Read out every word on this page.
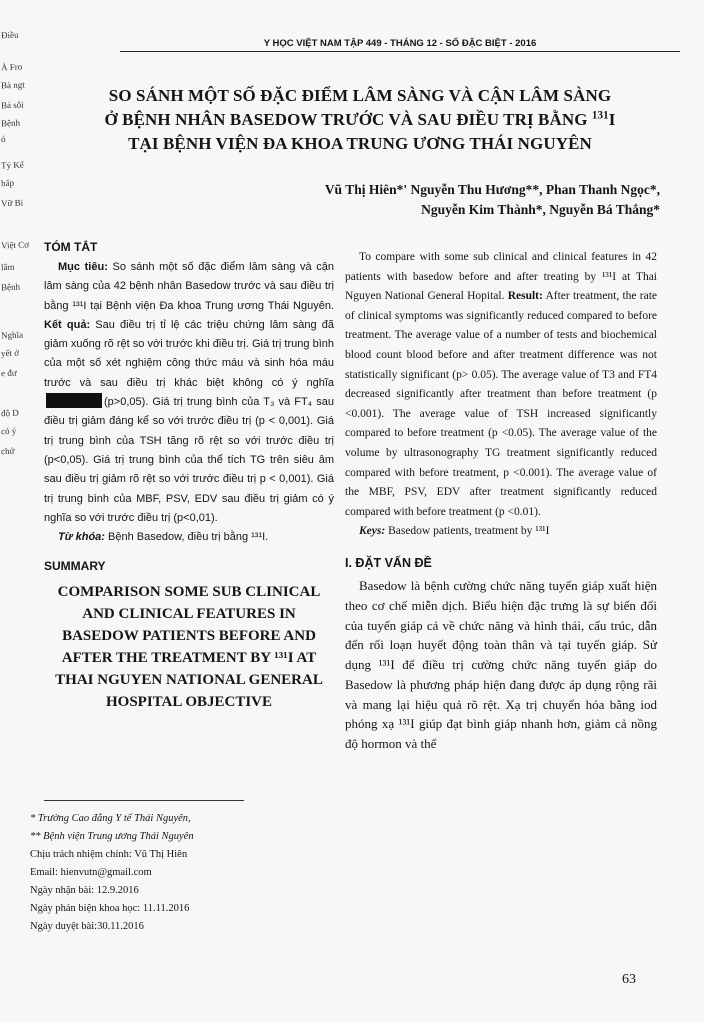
Điều
Ả Fro
Bà ngt
Bá sôi
Bệnh
ó
Tỷ Kế
hấp
Vữ Bi
Việt Cơ
lâm
Bệnh
Nghĩa
yết ở
e đư
độ D
có ý
chứ
Y HỌC VIỆT NAM TẬP 449 - THÁNG 12 - SỐ ĐẶC BIỆT - 2016
SO SÁNH MỘT SỐ ĐẶC ĐIỂM LÂM SÀNG VÀ CẬN LÂM SÀNG
Ở BỆNH NHÂN BASEDOW TRƯỚC VÀ SAU ĐIỀU TRỊ BẰNG $^{131}$I
TẠI BỆNH VIỆN ĐA KHOA TRUNG ƯƠNG THÁI NGUYÊN
Vũ Thị Hiên*' Nguyễn Thu Hương**, Phan Thanh Ngọc*,
Nguyễn Kim Thành*, Nguyễn Bá Thắng*
TÓM TẮT

Mục tiêu: So sánh một số đặc điểm lâm sàng và cận lâm sàng của 42 bệnh nhân Basedow trước và sau điều trị bằng ¹³¹I tại Bệnh viện Đa khoa Trung ương Thái Nguyên. Kết quả: Sau điều trị tỉ lệ các triệu chứng lâm sàng đã giảm xuống rõ rệt so với trước khi điều trị. Giá trị trung bình của một số xét nghiệm công thức máu và sinh hóa máu trước và sau điều trị khác biệt không có ý nghĩa(p>0,05). Giá trị trung bình của T₃ và FT₄ sau điều trị giảm đáng kể so với trước điều trị (p < 0,001). Giá trị trung bình của TSH tăng rõ rệt so với trước điều trị (p<0,05). Giá trị trung bình của thể tích TG trên siêu âm sau điều trị giảm rõ rệt so với trước điều trị p < 0,001). Giá trị trung bình của MBF, PSV, EDV sau điều trị giảm có ý nghĩa so với trước điều trị (p<0,01).

Từ khóa: Bệnh Basedow, điều trị bằng ¹³¹I.

SUMMARY
COMPARISON SOME SUB CLINICAL
AND CLINICAL FEATURES IN
BASEDOW PATIENTS BEFORE AND
AFTER THE TREATMENT BY ¹³¹I AT
THAI NGUYEN NATIONAL GENERAL
HOSPITAL OBJECTIVE
* Trường Cao đẳng Y tế Thái Nguyên,
** Bệnh viện Trung ương Thái Nguyên
Chịu trách nhiệm chính: Vũ Thị Hiên
Email: hienvutn@gmail.com
Ngày nhận bài: 12.9.2016
Ngày phản biện khoa học: 11.11.2016
Ngày duyệt bài:30.11.2016

To compare with some sub clinical and clinical features in 42 patients with basedow before and after treating by ¹³¹I at Thai Nguyen National General Hopital. Result: After treatment, the rate of clinical symptoms was significantly reduced compared to before treatment. The average value of a number of tests and biochemical blood count blood before and after treatment difference was not statistically significant (p> 0.05). The average value of T3 and FT4 decreased significantly after treatment than before treatment (p <0.001). The average value of TSH increased significantly compared to before treatment (p <0.05). The average value of the volume by ultrasonography TG treatment significantly reduced compared with before treatment, p <0.001). The average value of the MBF, PSV, EDV after treatment significantly reduced compared with before treatment (p <0.01).

Keys: Basedow patients, treatment by ¹³¹I

I. ĐẶT VẤN ĐỀ

Basedow là bệnh cường chức năng tuyến giáp xuất hiện theo cơ chế miễn dịch. Biểu hiện đặc trưng là sự biến đổi của tuyến giáp cả về chức năng và hình thái, cấu trúc, dẫn đến rối loạn huyết động toàn thân và tại tuyến giáp. Sử dụng ¹³¹I để điều trị cường chức năng tuyến giáp do Basedow là phương pháp hiện đang được áp dụng rộng rãi và mang lại hiệu quả rõ rệt. Xạ trị chuyển hóa bằng iod phóng xạ ¹³¹I giúp đạt bình giáp nhanh hơn, giảm cả nồng độ hormon và thể

63
